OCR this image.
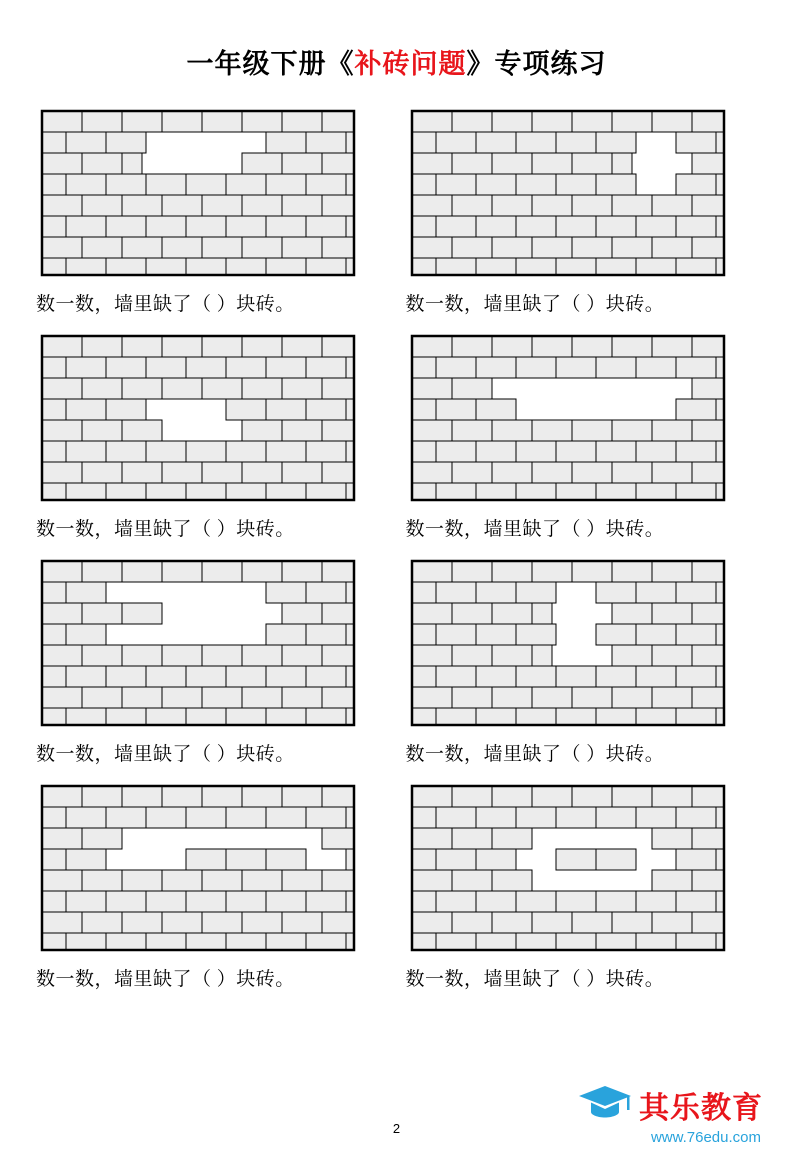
一年级下册《补砖问题》专项练习
数一数，墙里缺了（ ）块砖。	数一数，墙里缺了（ ）块砖。
数一数，墙里缺了（ ）块砖。	数一数，墙里缺了（ ）块砖。
数一数，墙里缺了（ ）块砖。	数一数，墙里缺了（ ）块砖。
数一数，墙里缺了（ ）块砖。	数一数，墙里缺了（ ）块砖。
2
其乐教育
www.76edu.com
